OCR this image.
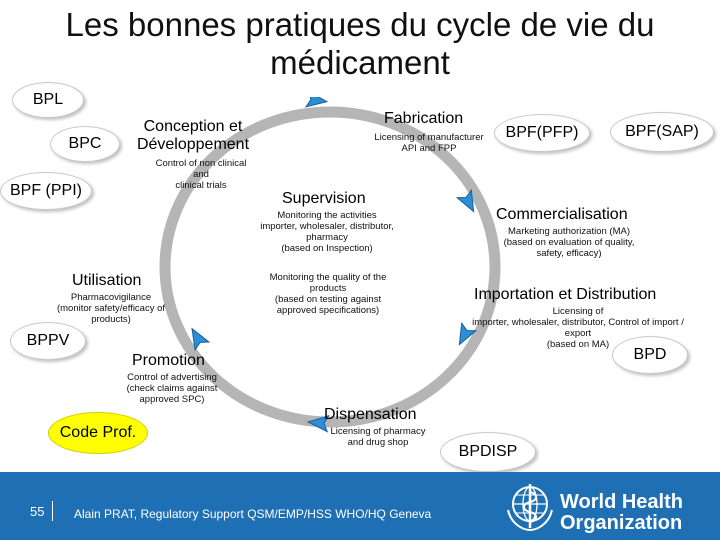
Les bonnes pratiques du cycle de vie du
médicament
BPL
BPC
BPF (PPI)
BPF(PFP)	BPF(SAP)
BPPV
BPD
BPDISP
Code Prof.
Conception et
Développement
Control of non clinical
and
clinical trials
Fabrication
Licensing of manufacturer
API and FPP
Supervision
Monitoring the activities
importer, wholesaler, distributor,
pharmacy
(based on Inspection)
Monitoring the quality of the
products
(based on testing against
approved specifications)
Commercialisation
Marketing authorization (MA)
(based on evaluation of quality,
safety, efficacy)
Utilisation
Pharmacovigilance
(monitor safety/efficacy of
products)
Importation et Distribution
Licensing of
importer, wholesaler, distributor, Control of import /
export
(based on MA)
Promotion
Control of advertising
(check claims against
approved SPC)
Dispensation
Licensing of pharmacy
and drug shop
55 Alain PRAT, Regulatory Support QSM/EMP/HSS WHO/HQ Geneva
World Health
Organization
